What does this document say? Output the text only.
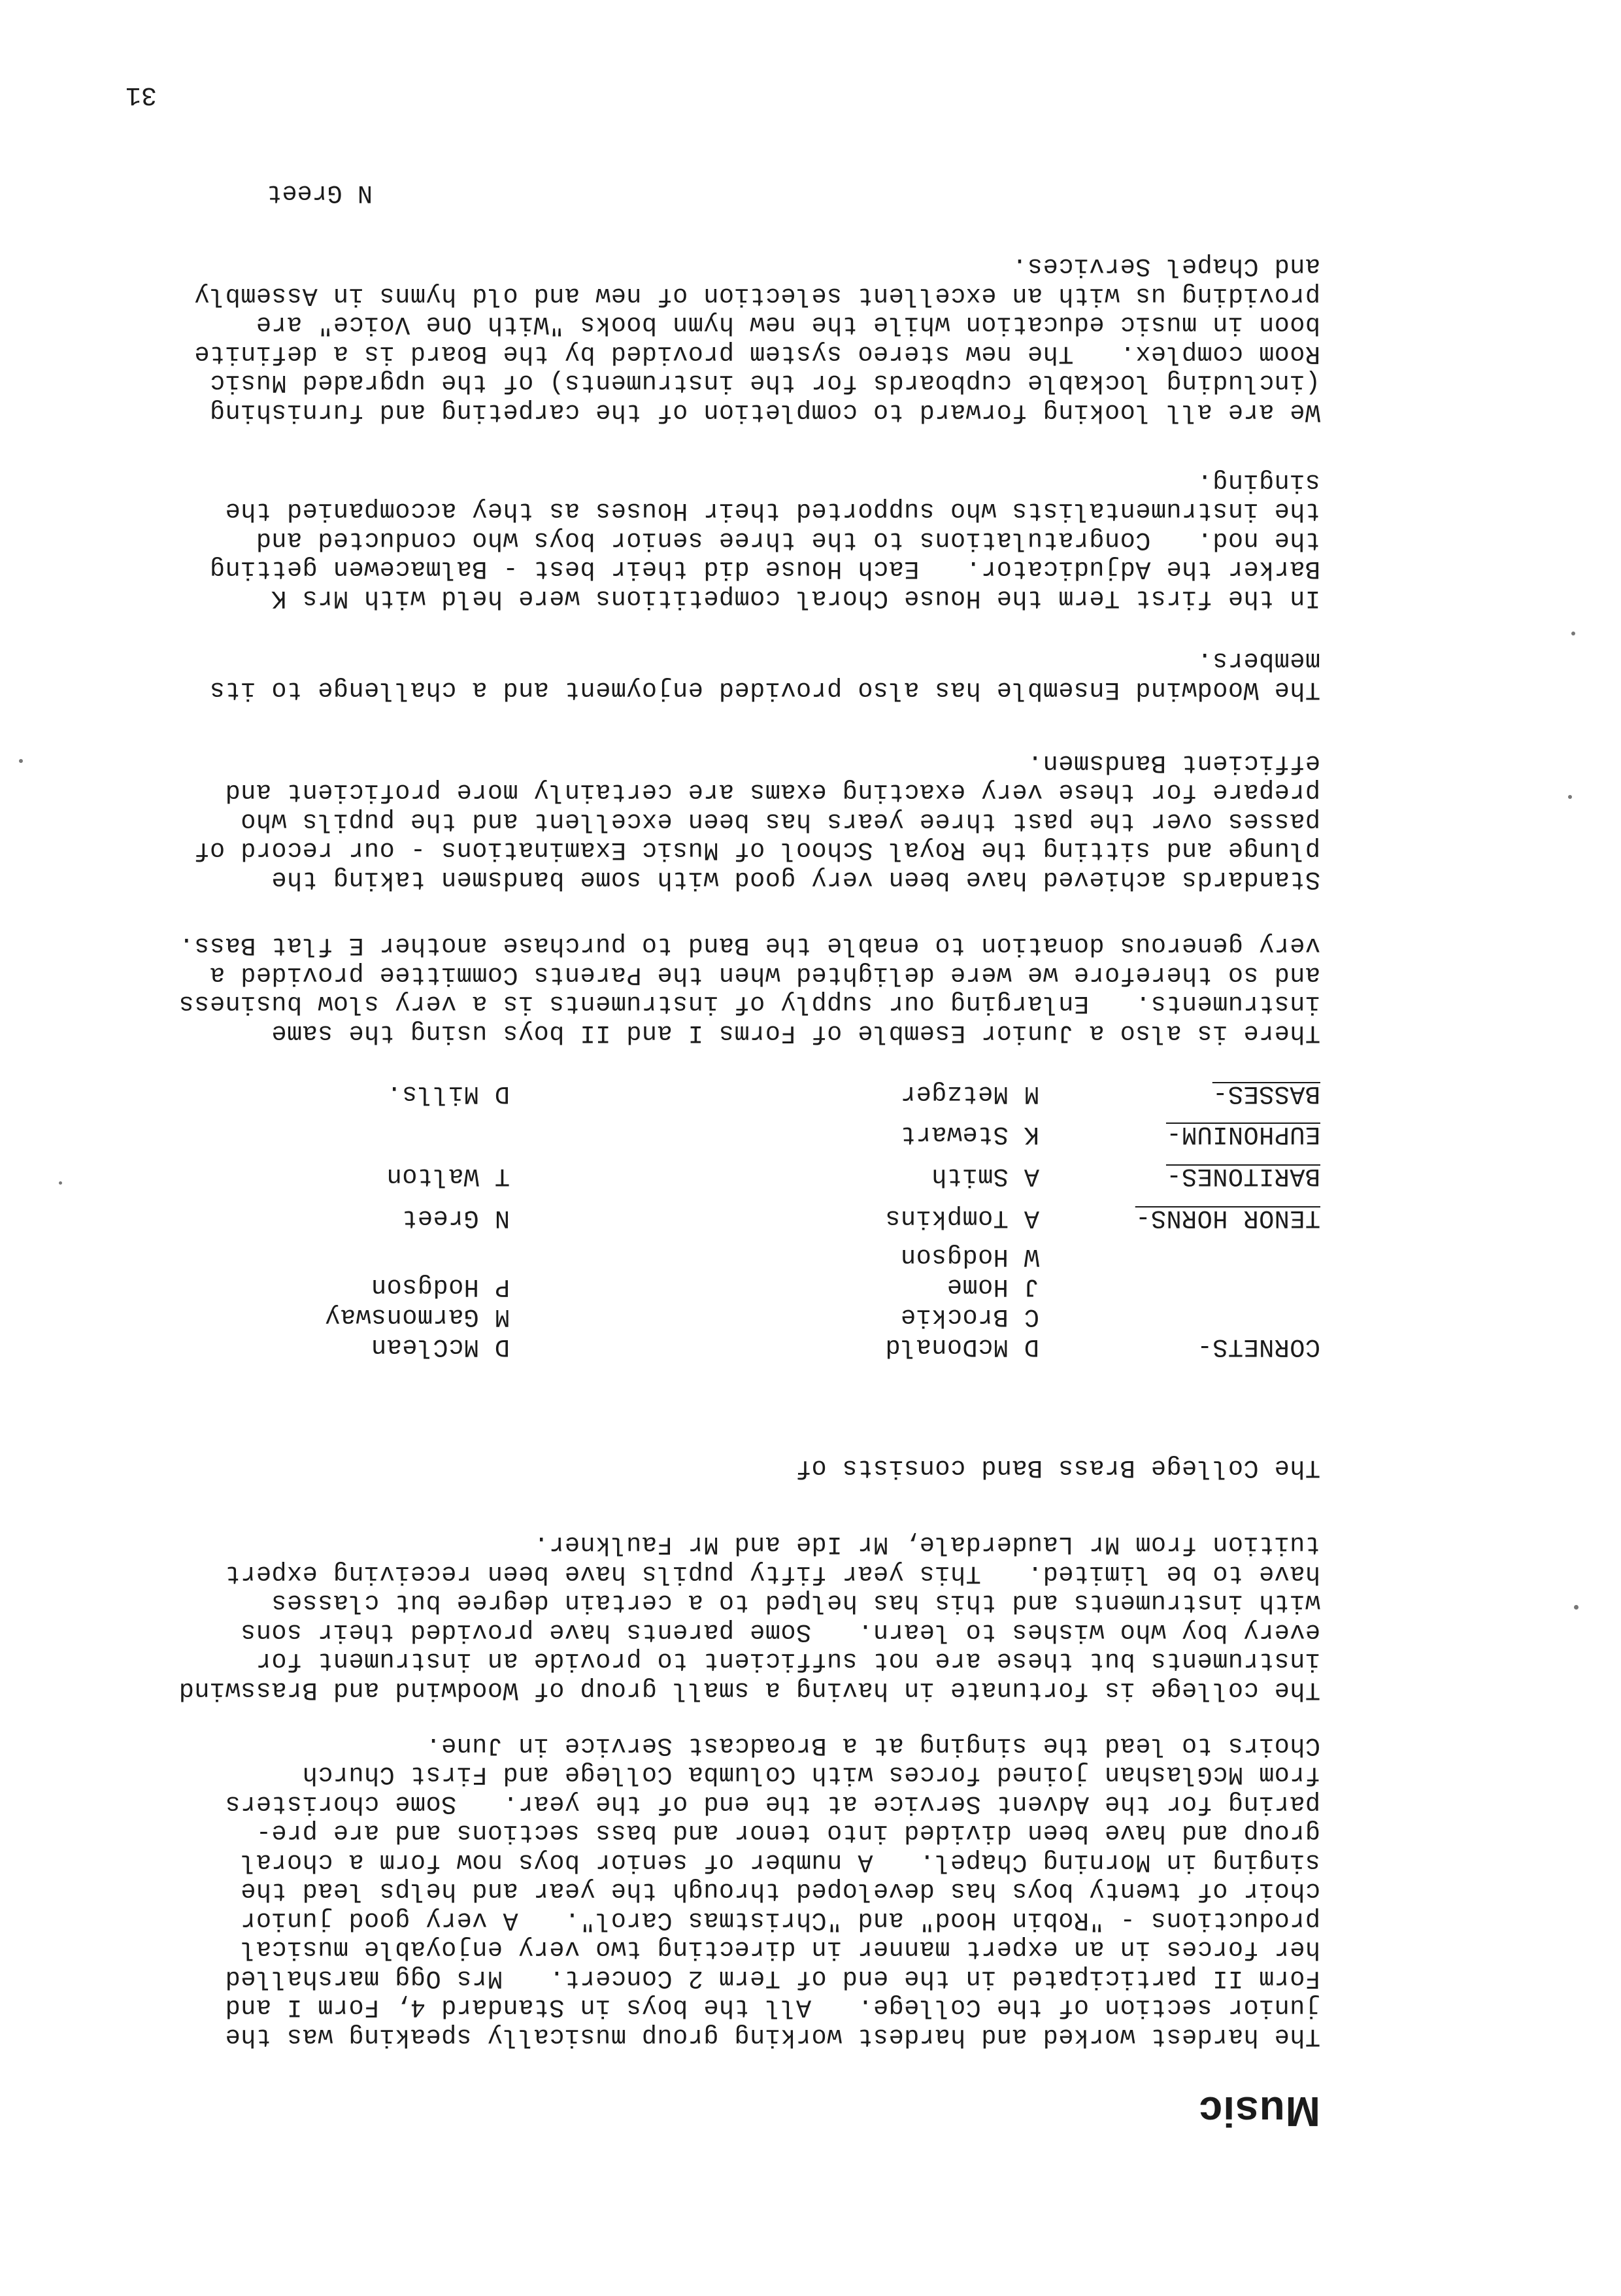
Music
The hardest worked and hardest working group musically speaking was the
junior section of the College.   All the boys in Standard 4, Form I and
Form II participated in the end of Term 2 Concert.   Mrs Ogg marshalled
her forces in an expert manner in directing two very enjoyable musical
productions - "Robin Hood" and "Christmas Carol".   A very good junior
choir of twenty boys has developed through the year and helps lead the
singing in Morning Chapel.   A number of senior boys now form a choral
group and have been divided into tenor and bass sections and are pre-
paring for the Advent Service at the end of the year.   Some choristers
from McGlashan joined forces with Columba College and First Church
Choirs to lead the singing at a Broadcast Service in June.
The college is fortunate in having a small group of Woodwind and Brasswind
instruments but these are not sufficient to provide an instrument for
every boy who wishes to learn.   Some parents have provided their sons
with instruments and this has helped to a certain degree but classes
have to be limited.   This year fifty pupils have been receiving expert
tuition from Mr Lauderdale, Mr Ide and Mr Faulkner.
The College Brass Band consists of
CORNETS-
D McDonald
C Brockie
J Home
W Hodgson
D McClean
M Garmonsway
P Hodgson
TENOR HORNS-
A Tompkins
N Greet
BARITONES-
A Smith
T Walton
EUPHONIUM-
K Stewart
BASSES-
M Metzger
D Mills.
There is also a Junior Esemble of Forms I and II boys using the same
instruments.   Enlarging our supply of instruments is a very slow business
and so therefore we were delighted when the Parents Committee provided a
very generous donation to enable the Band to purchase another E flat Bass.
Standards achieved have been very good with some bandsmen taking the
plunge and sitting the Royal School of Music Examinations - our record of
passes over the past three years has been excellent and the pupils who
prepare for these very exacting exams are certainly more proficient and
efficient Bandsmen.
The Woodwind Ensemble has also provided enjoyment and a challenge to its
members.
In the first Term the House Choral competitions were held with Mrs K
Barker the Adjudicator.   Each House did their best - Balmacewen getting
the nod.   Congratulations to the three senior boys who conducted and
the instrumentalists who supported their Houses as they accompanied the
singing.
We are all looking forward to completion of the carpeting and furnishing
(including lockable cupboards for the instruments) of the upgraded Music
Room complex.   The new stereo system provided by the Board is a definite
boon in music education while the new hymn books "With One Voice" are
providing us with an excellent selection of new and old hymns in Assembly
and Chapel Services.
N Greet
31
